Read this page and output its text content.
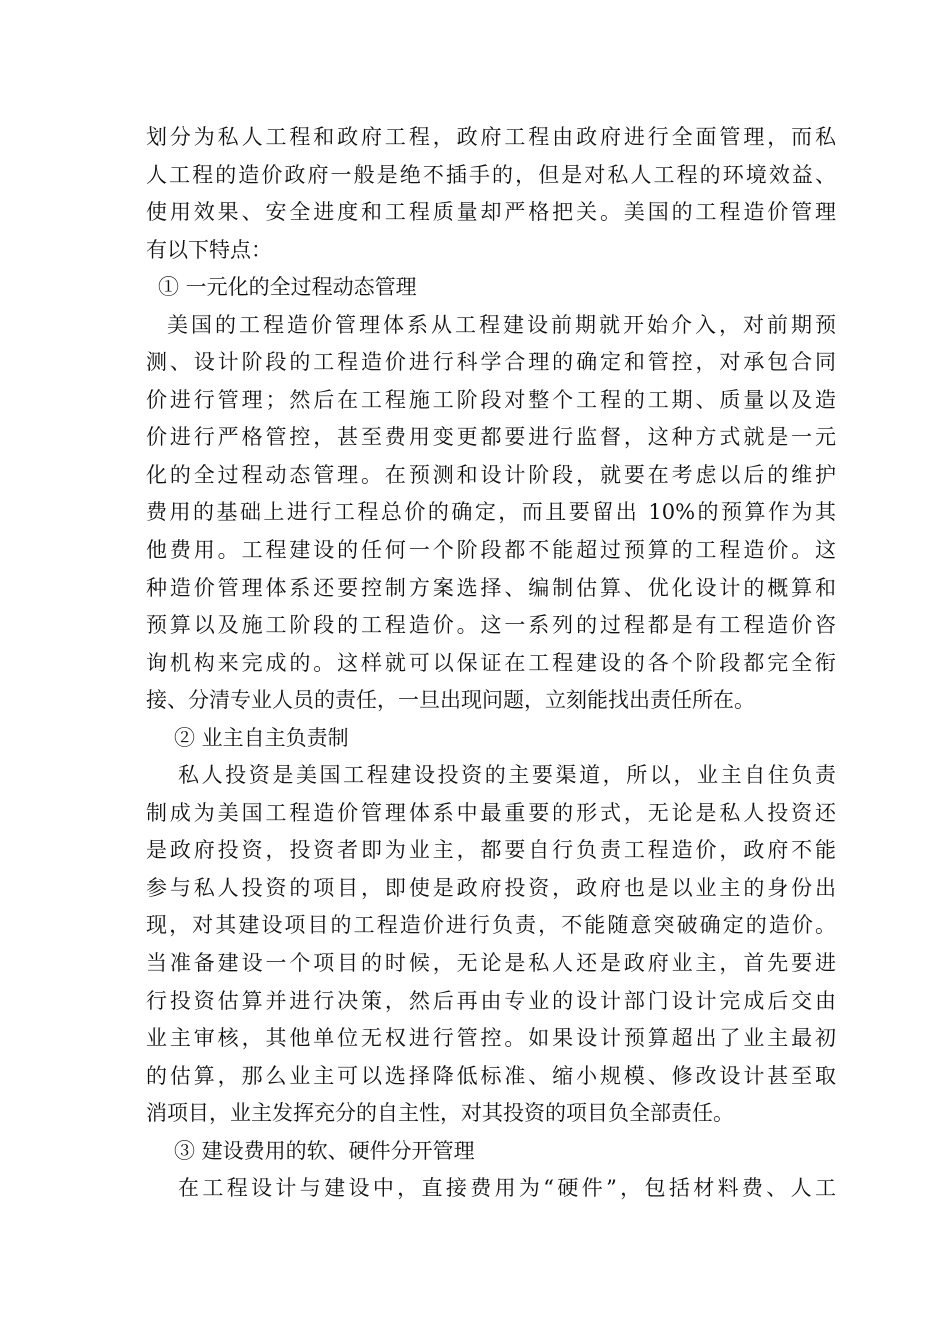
划分为私人工程和政府工程，政府工程由政府进行全面管理，而私
人工程的造价政府一般是绝不插手的，但是对私人工程的环境效益、
使用效果、安全进度和工程质量却严格把关。美国的工程造价管理
有以下特点：
① 一元化的全过程动态管理
美国的工程造价管理体系从工程建设前期就开始介入，对前期预
测、设计阶段的工程造价进行科学合理的确定和管控，对承包合同
价进行管理；然后在工程施工阶段对整个工程的工期、质量以及造
价进行严格管控，甚至费用变更都要进行监督，这种方式就是一元
化的全过程动态管理。在预测和设计阶段，就要在考虑以后的维护
费用的基础上进行工程总价的确定，而且要留出 10%的预算作为其
他费用。工程建设的任何一个阶段都不能超过预算的工程造价。这
种造价管理体系还要控制方案选择、编制估算、优化设计的概算和
预算以及施工阶段的工程造价。这一系列的过程都是有工程造价咨
询机构来完成的。这样就可以保证在工程建设的各个阶段都完全衔
接、分清专业人员的责任，一旦出现问题，立刻能找出责任所在。
② 业主自主负责制
私人投资是美国工程建设投资的主要渠道，所以，业主自住负责
制成为美国工程造价管理体系中最重要的形式，无论是私人投资还
是政府投资，投资者即为业主，都要自行负责工程造价，政府不能
参与私人投资的项目，即使是政府投资，政府也是以业主的身份出
现，对其建设项目的工程造价进行负责，不能随意突破确定的造价。
当准备建设一个项目的时候，无论是私人还是政府业主，首先要进
行投资估算并进行决策，然后再由专业的设计部门设计完成后交由
业主审核，其他单位无权进行管控。如果设计预算超出了业主最初
的估算，那么业主可以选择降低标准、缩小规模、修改设计甚至取
消项目，业主发挥充分的自主性，对其投资的项目负全部责任。
③ 建设费用的软、硬件分开管理
在工程设计与建设中，直接费用为“硬件”，包括材料费、人工
